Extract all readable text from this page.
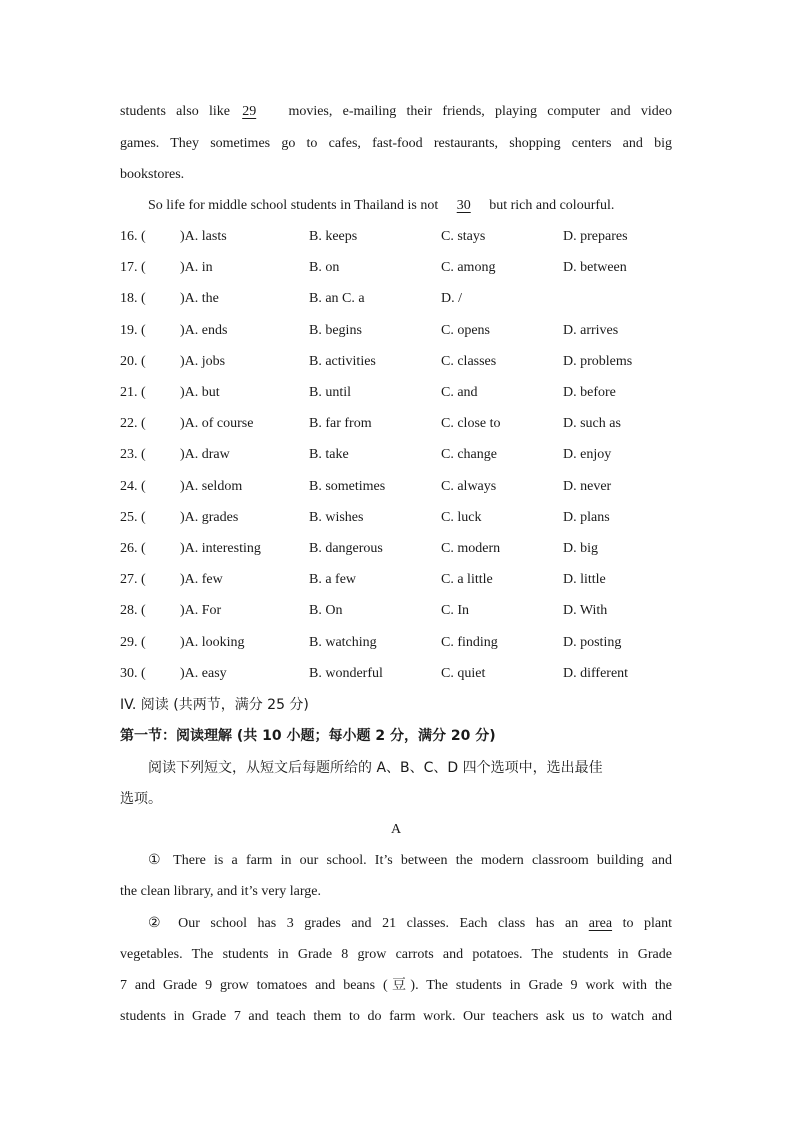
students also like 29 movies, e-mailing their friends, playing computer and video
games. They sometimes go to cafes, fast-food restaurants, shopping centers and big
bookstores.
So life for middle school students in Thailand is not 30 but rich and colourful.
16. ( )A. lasts	B. keeps	C. stays	D. prepares
17. ( )A. in	B. on	C. among	D. between
18. ( )A. the	B. an C. a	D. /
19. ( )A. ends	B. begins	C. opens	D. arrives
20. ( )A. jobs	B. activities	C. classes	D. problems
21. ( )A. but	B. until	C. and	D. before
22. ( )A. of course	B. far from	C. close to	D. such as
23. ( )A. draw	B. take	C. change	D. enjoy
24. ( )A. seldom	B. sometimes	C. always	D. never
25. ( )A. grades	B. wishes	C. luck	D. plans
26. ( )A. interesting	B. dangerous	C. modern	D. big
27. ( )A. few	B. a few	C. a little	D. little
28. ( )A. For	B. On	C. In	D. With
29. ( )A. looking	B. watching	C. finding	D. posting
30. ( )A. easy	B. wonderful	C. quiet	D. different
IV. 阅读 (共两节，满分 25 分)
第一节：阅读理解 (共 10 小题；每小题 2 分，满分 20 分)
阅读下列短文，从短文后每题所给的 A、B、C、D 四个选项中，选出最佳
选项。
A
① There is a farm in our school. It’s between the modern classroom building and
the clean library, and it’s very large.
② Our school has 3 grades and 21 classes. Each class has an area to plant
vegetables. The students in Grade 8 grow carrots and potatoes. The students in Grade
7 and Grade 9 grow tomatoes and beans (豆). The students in Grade 9 work with the
students in Grade 7 and teach them to do farm work. Our teachers ask us to watch and
